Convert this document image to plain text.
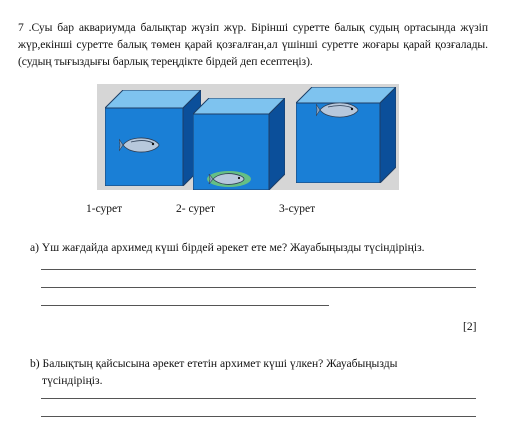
7 .Суы бар аквариумда балықтар жүзіп жүр. Бірінші суретте балық судың ортасында жүзіп жүр,екінші суретте балық төмен қарай қозғалған,ал үшінші суретте жоғары қарай қозғалады. (судың тығыздығы барлық тереңдікте бірдей деп есептеңіз).
1-сурет	2- сурет	3-сурет
a) Үш жағдайда архимед күші бірдей әрекет ете ме? Жауабыңызды түсіндіріңіз.
[2]
b) Балықтың қайсысына әрекет ететін архимет күші үлкен? Жауабыңызды
түсіндіріңіз.
